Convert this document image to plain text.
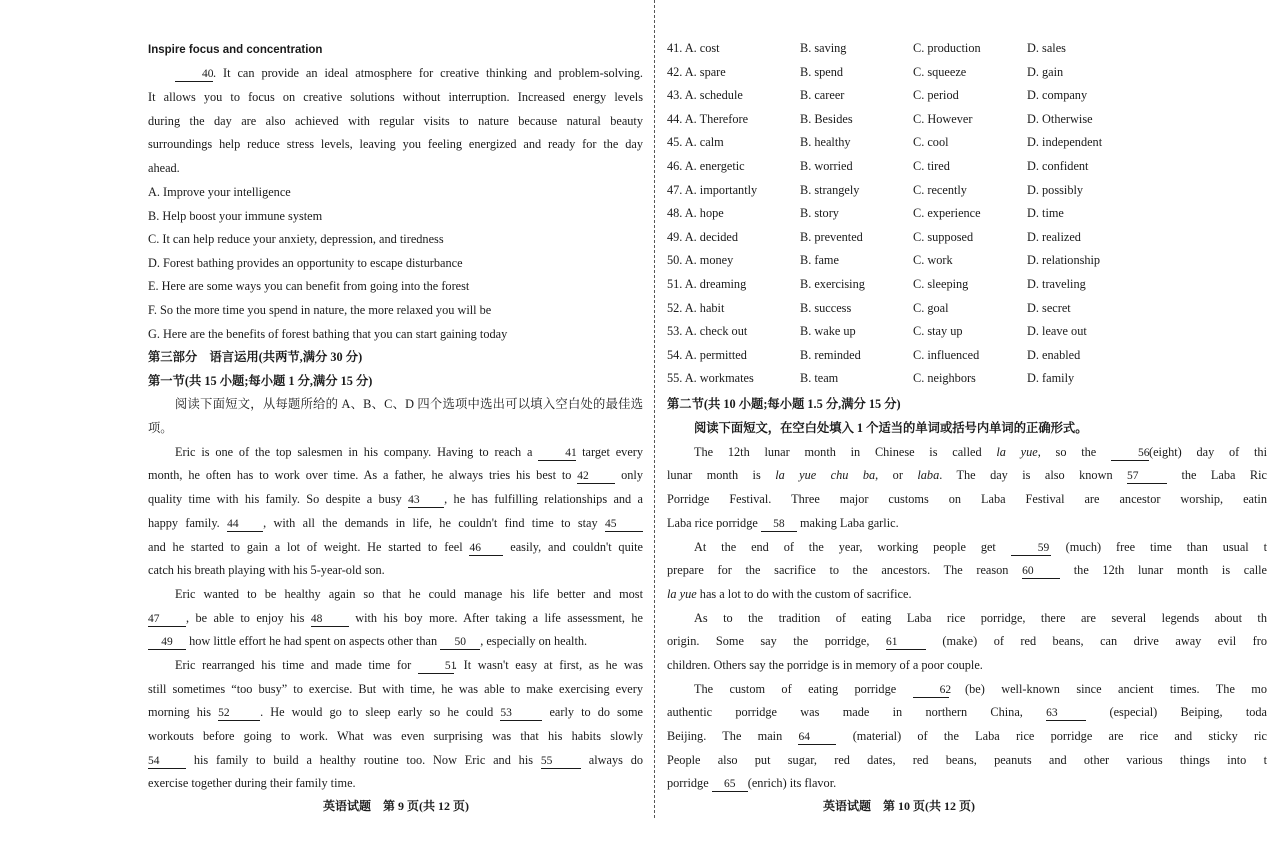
Inspire focus and concentration
40. It can provide an ideal atmosphere for creative thinking and problem-solving.
It allows you to focus on creative solutions without interruption. Increased energy levels
during the day are also achieved with regular visits to nature because natural beauty
surroundings help reduce stress levels, leaving you feeling energized and ready for the day
ahead.
A. Improve your intelligence
B. Help boost your immune system
C. It can help reduce your anxiety, depression, and tiredness
D. Forest bathing provides an opportunity to escape disturbance
E. Here are some ways you can benefit from going into the forest
F. So the more time you spend in nature, the more relaxed you will be
G. Here are the benefits of forest bathing that you can start gaining today
第三部分　语言运用(共两节,满分 30 分)
第一节(共 15 小题;每小题 1 分,满分 15 分)
阅读下面短文，从每题所给的 A、B、C、D 四个选项中选出可以填入空白处的最佳选
项。
Eric is one of the top salesmen in his company. Having to reach a	41 target every
month, he often has to work over time. As a father, he always tries his best to 42	only
quality time with his family. So despite a busy 43 , he has fulfilling relationships and a
happy family. 44 , with all the demands in life, he couldn't find time to stay 45
and he started to gain a lot of weight. He started to feel 46 easily, and couldn't quite
catch his breath playing with his 5-year-old son.
Eric wanted to be healthy again so that he could manage his life better and most
47 , be able to enjoy his 48	with his boy more. After taking a life assessment, he
49 how little effort he had spent on aspects other than 50 , especially on health.
Eric rearranged his time and made time for	51. It wasn't easy at first, as he was
still sometimes “too busy” to exercise. But with time, he was able to make exercising every
morning his 52 . He would go to sleep early so he could 53	early to do some
workouts before going to work. What was even surprising was that his habits slowly
54	his family to build a healthy routine too. Now Eric and his 55	always do
exercise together during their family time.
英语试题　第 9 页(共 12 页)
41. A. cost	B. saving	C. production	D. sales
42. A. spare	B. spend	C. squeeze	D. gain
43. A. schedule	B. career	C. period	D. company
44. A. Therefore	B. Besides	C. However	D. Otherwise
45. A. calm	B. healthy	C. cool	D. independent
46. A. energetic	B. worried	C. tired	D. confident
47. A. importantly	B. strangely	C. recently	D. possibly
48. A. hope	B. story	C. experience	D. time
49. A. decided	B. prevented	C. supposed	D. realized
50. A. money	B. fame	C. work	D. relationship
51. A. dreaming	B. exercising	C. sleeping	D. traveling
52. A. habit	B. success	C. goal	D. secret
53. A. check out	B. wake up	C. stay up	D. leave out
54. A. permitted	B. reminded	C. influenced	D. enabled
55. A. workmates	B. team	C. neighbors	D. family
第二节(共 10 小题;每小题 1.5 分,满分 15 分)
阅读下面短文，在空白处填入 1 个适当的单词或括号内单词的正确形式。
The 12th lunar month in Chinese is called la yue, so the	56(eight) day of thi
lunar month is la yue chu ba, or laba. The day is also known 57	the Laba Ric
Porridge Festival. Three major customs on Laba Festival are ancestor worship, eatin
Laba rice porridge 58 making Laba garlic.
At the end of the year, working people get	59 (much) free time than usual t
prepare for the sacrifice to the ancestors. The reason 60	the 12th lunar month is calle
la yue has a lot to do with the custom of sacrifice.
As to the tradition of eating Laba rice porridge, there are several legends about th
origin. Some say the porridge, 61	(make) of red beans, can drive away evil fro
children. Others say the porridge is in memory of a poor couple.
The custom of eating porridge	62 (be) well-known since ancient times. The mo
authentic porridge was made in northern China, 63	(especial) Beiping, toda
Beijing. The main 64	(material) of the Laba rice porridge are rice and sticky ric
People also put sugar, red dates, red beans, peanuts and other various things into t
porridge 65 (enrich) its flavor.
英语试题　第 10 页(共 12 页)
